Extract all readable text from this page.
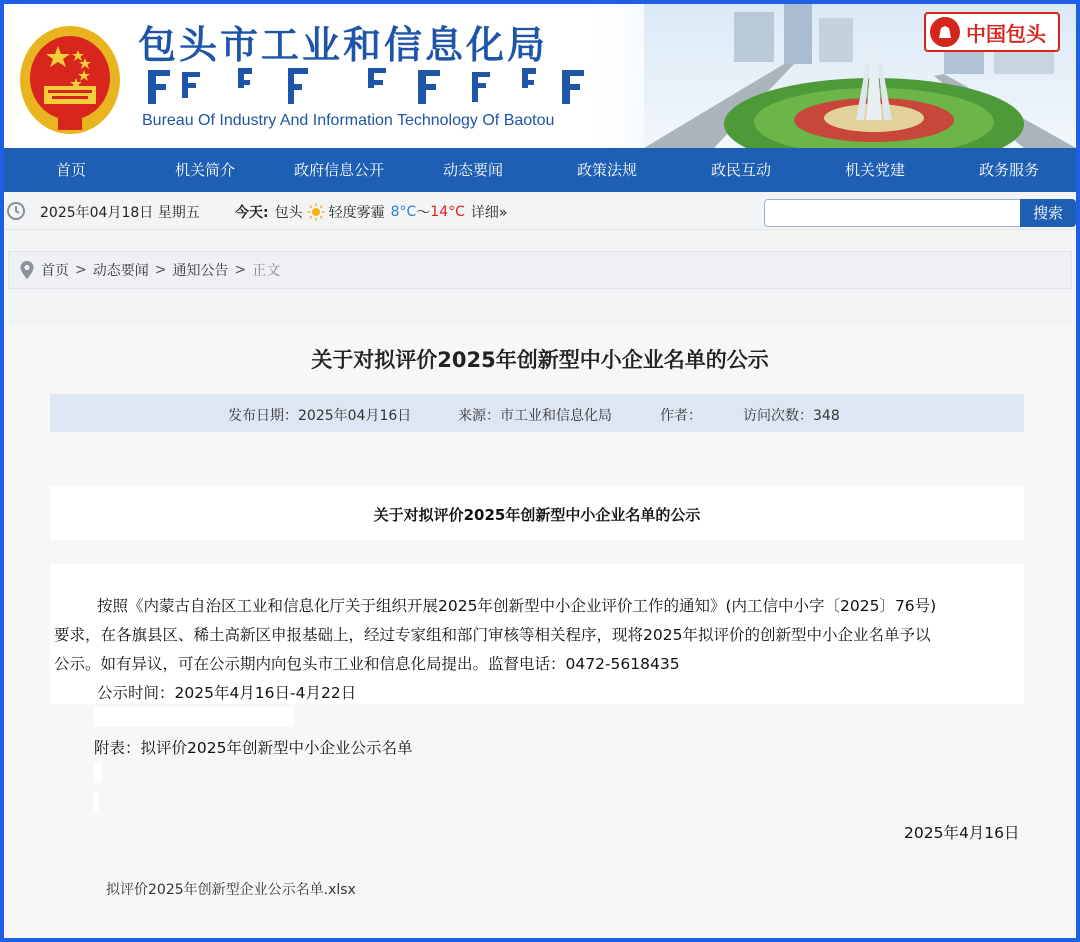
包头市工业和信息化局
Bureau Of Industry And Information Technology Of Baotou
中国包头
首页	机关简介	政府信息公开	动态要闻	政策法规	政民互动	机关党建	政务服务
2025年04月18日 星期五	今天: 包头 轻度雾霾 8°C ～ 14°C 详细»	搜索
首页 > 动态要闻 > 通知公告 > 正文
关于对拟评价2025年创新型中小企业名单的公示
发布日期：2025年04月16日	来源：市工业和信息化局	作者：	访问次数：348
关于对拟评价2025年创新型中小企业名单的公示
按照《内蒙古自治区工业和信息化厅关于组织开展2025年创新型中小企业评价工作的通知》(内工信中小字〔2025〕76号)
要求，在各旗县区、稀土高新区申报基础上，经过专家组和部门审核等相关程序，现将2025年拟评价的创新型中小企业名单予以
公示。如有异议，可在公示期内向包头市工业和信息化局提出。监督电话：0472-5618435
公示时间：2025年4月16日-4月22日
附表：拟评价2025年创新型中小企业公示名单
2025年4月16日
拟评价2025年创新型企业公示名单.xlsx
